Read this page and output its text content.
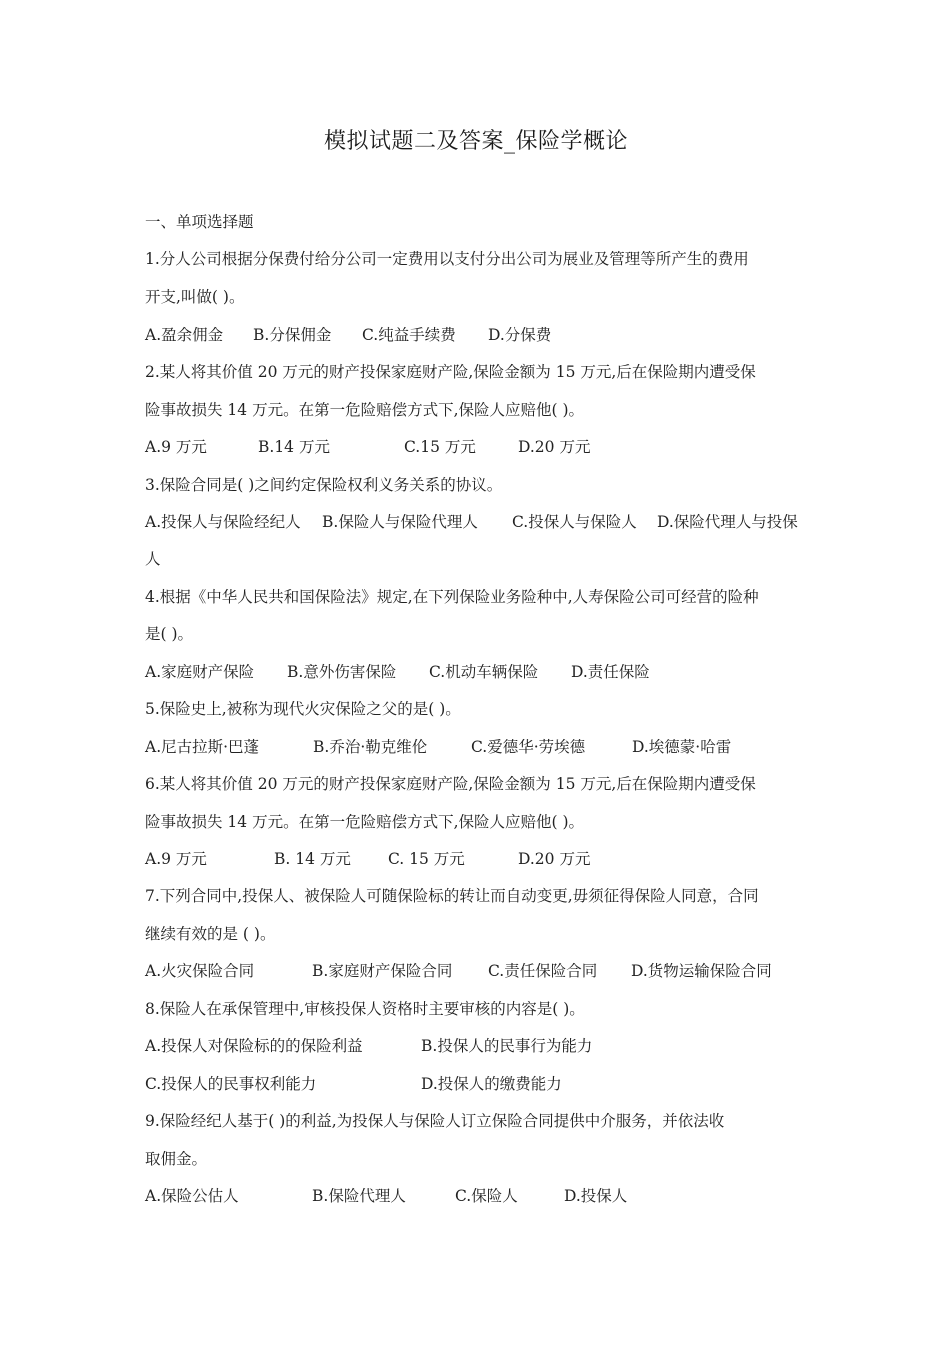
模拟试题二及答案_保险学概论
一、单项选择题
1.分人公司根据分保费付给分公司一定费用以支付分出公司为展业及管理等所产生的费用
开支,叫做( )。
A.盈余佣金 B.分保佣金 C.纯益手续费 D.分保费
2.某人将其价值 20 万元的财产投保家庭财产险,保险金额为 15 万元,后在保险期内遭受保
险事故损失 14 万元。在第一危险赔偿方式下,保险人应赔他( )。
A.9 万元	B.14 万元	C.15 万元	D.20 万元
3.保险合同是( )之间约定保险权利义务关系的协议。
A.投保人与保险经纪人 B.保险人与保险代理人 C.投保人与保险人 D.保险代理人与投保
人
4.根据《中华人民共和国保险法》规定,在下列保险业务险种中,人寿保险公司可经营的险种
是( )。
A.家庭财产保险 B.意外伤害保险 C.机动车辆保险 D.责任保险
5.保险史上,被称为现代火灾保险之父的是( )。
A.尼古拉斯·巴蓬	B.乔治·勒克维伦	C.爱德华·劳埃德	D.埃德蒙·哈雷
6.某人将其价值 20 万元的财产投保家庭财产险,保险金额为 15 万元,后在保险期内遭受保
险事故损失 14 万元。在第一危险赔偿方式下,保险人应赔他( )。
A.9 万元	B. 14 万元 C. 15 万元	D.20 万元
7.下列合同中,投保人、被保险人可随保险标的转让而自动变更,毋须征得保险人同意，合同
继续有效的是 ( )。
A.火灾保险合同	B.家庭财产保险合同 C.责任保险合同 D.货物运输保险合同
8.保险人在承保管理中,审核投保人资格时主要审核的内容是( )。
A.投保人对保险标的的保险利益	B.投保人的民事行为能力
C.投保人的民事权利能力	D.投保人的缴费能力
9.保险经纪人基于( )的利益,为投保人与保险人订立保险合同提供中介服务，并依法收
取佣金。
A.保险公估人	B.保险代理人	C.保险人	D.投保人
